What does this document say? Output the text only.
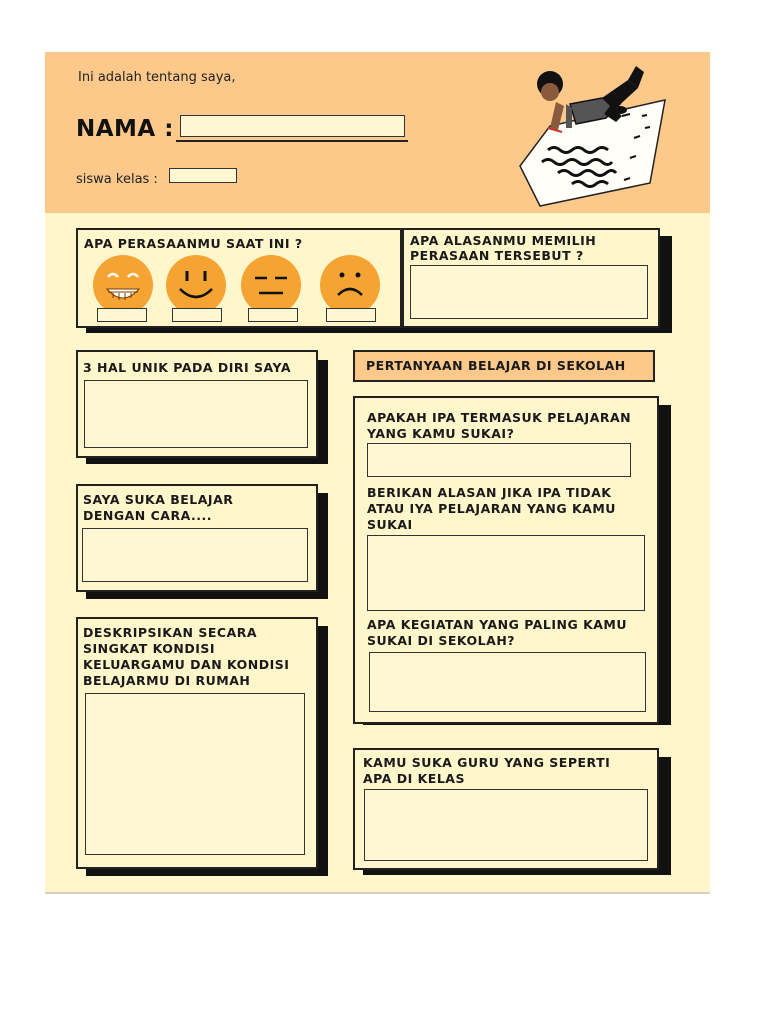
Ini adalah tentang saya,
NAMA :
siswa kelas :
APA PERASAANMU SAAT INI ?	APA ALASANMU MEMILIH PERASAAN TERSEBUT ?
3 HAL UNIK PADA DIRI SAYA
SAYA SUKA BELAJAR
DENGAN CARA....
DESKRIPSIKAN SECARA
SINGKAT KONDISI
KELUARGAMU DAN KONDISI
BELAJARMU DI RUMAH
PERTANYAAN BELAJAR DI SEKOLAH
APAKAH IPA TERMASUK PELAJARAN
YANG KAMU SUKAI?
BERIKAN ALASAN JIKA IPA TIDAK
ATAU IYA PELAJARAN YANG KAMU
SUKAI
APA KEGIATAN YANG PALING KAMU
SUKAI DI SEKOLAH?
KAMU SUKA GURU YANG SEPERTI
APA DI KELAS
